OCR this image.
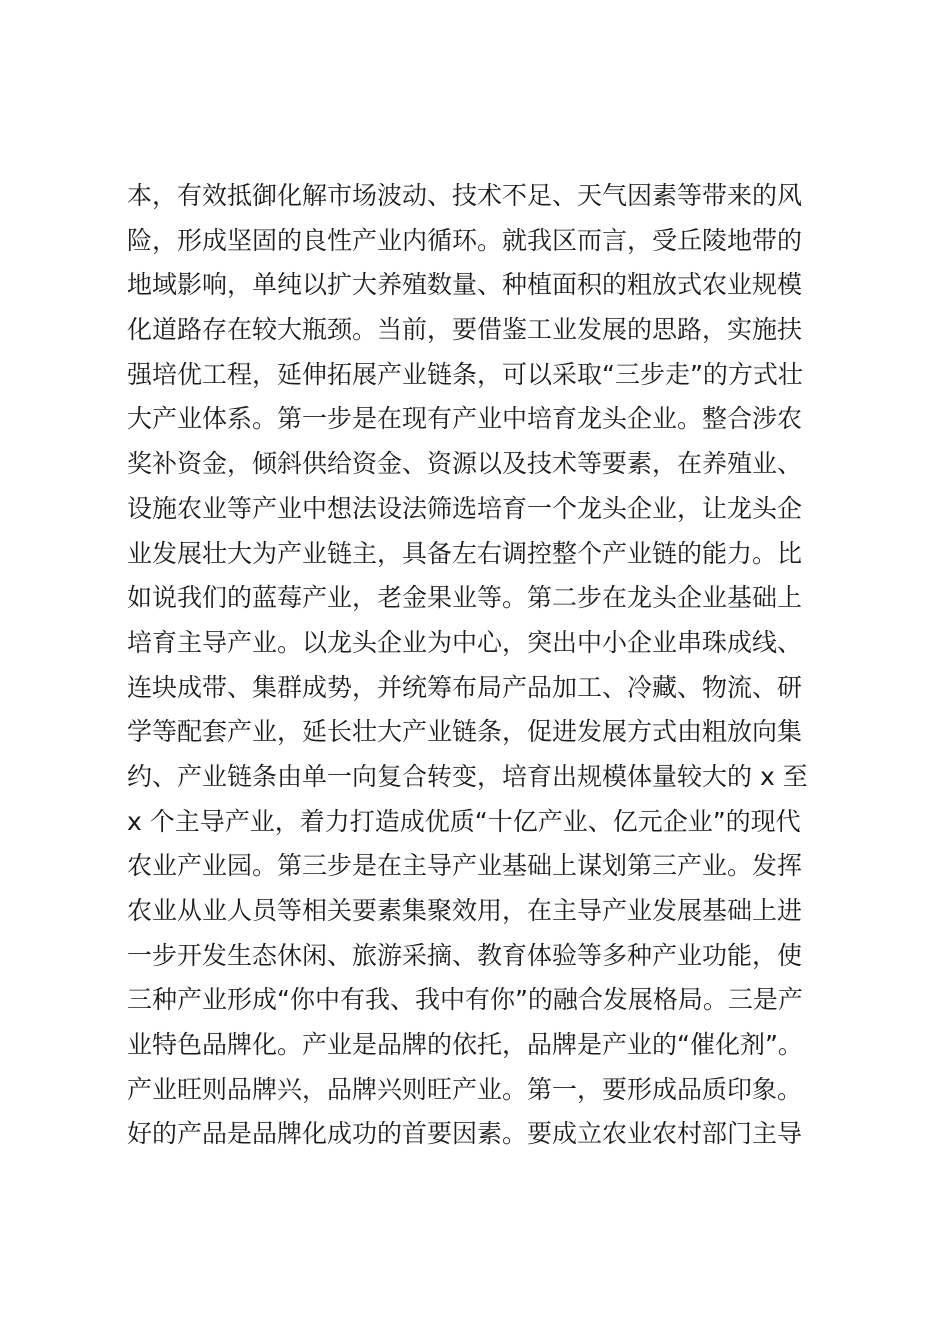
本，有效抵御化解市场波动、技术不足、天气因素等带来的风
险，形成坚固的良性产业内循环。就我区而言，受丘陵地带的
地域影响，单纯以扩大养殖数量、种植面积的粗放式农业规模
化道路存在较大瓶颈。当前，要借鉴工业发展的思路，实施扶
强培优工程，延伸拓展产业链条，可以采取“三步走”的方式壮
大产业体系。第一步是在现有产业中培育龙头企业。整合涉农
奖补资金，倾斜供给资金、资源以及技术等要素，在养殖业、
设施农业等产业中想法设法筛选培育一个龙头企业，让龙头企
业发展壮大为产业链主，具备左右调控整个产业链的能力。比
如说我们的蓝莓产业，老金果业等。第二步在龙头企业基础上
培育主导产业。以龙头企业为中心，突出中小企业串珠成线、
连块成带、集群成势，并统筹布局产品加工、冷藏、物流、研
学等配套产业，延长壮大产业链条，促进发展方式由粗放向集
约、产业链条由单一向复合转变，培育出规模体量较大的 x 至
x 个主导产业，着力打造成优质“十亿产业、亿元企业”的现代
农业产业园。第三步是在主导产业基础上谋划第三产业。发挥
农业从业人员等相关要素集聚效用，在主导产业发展基础上进
一步开发生态休闲、旅游采摘、教育体验等多种产业功能，使
三种产业形成“你中有我、我中有你”的融合发展格局。三是产
业特色品牌化。产业是品牌的依托，品牌是产业的“催化剂”。
产业旺则品牌兴，品牌兴则旺产业。第一，要形成品质印象。
好的产品是品牌化成功的首要因素。要成立农业农村部门主导
